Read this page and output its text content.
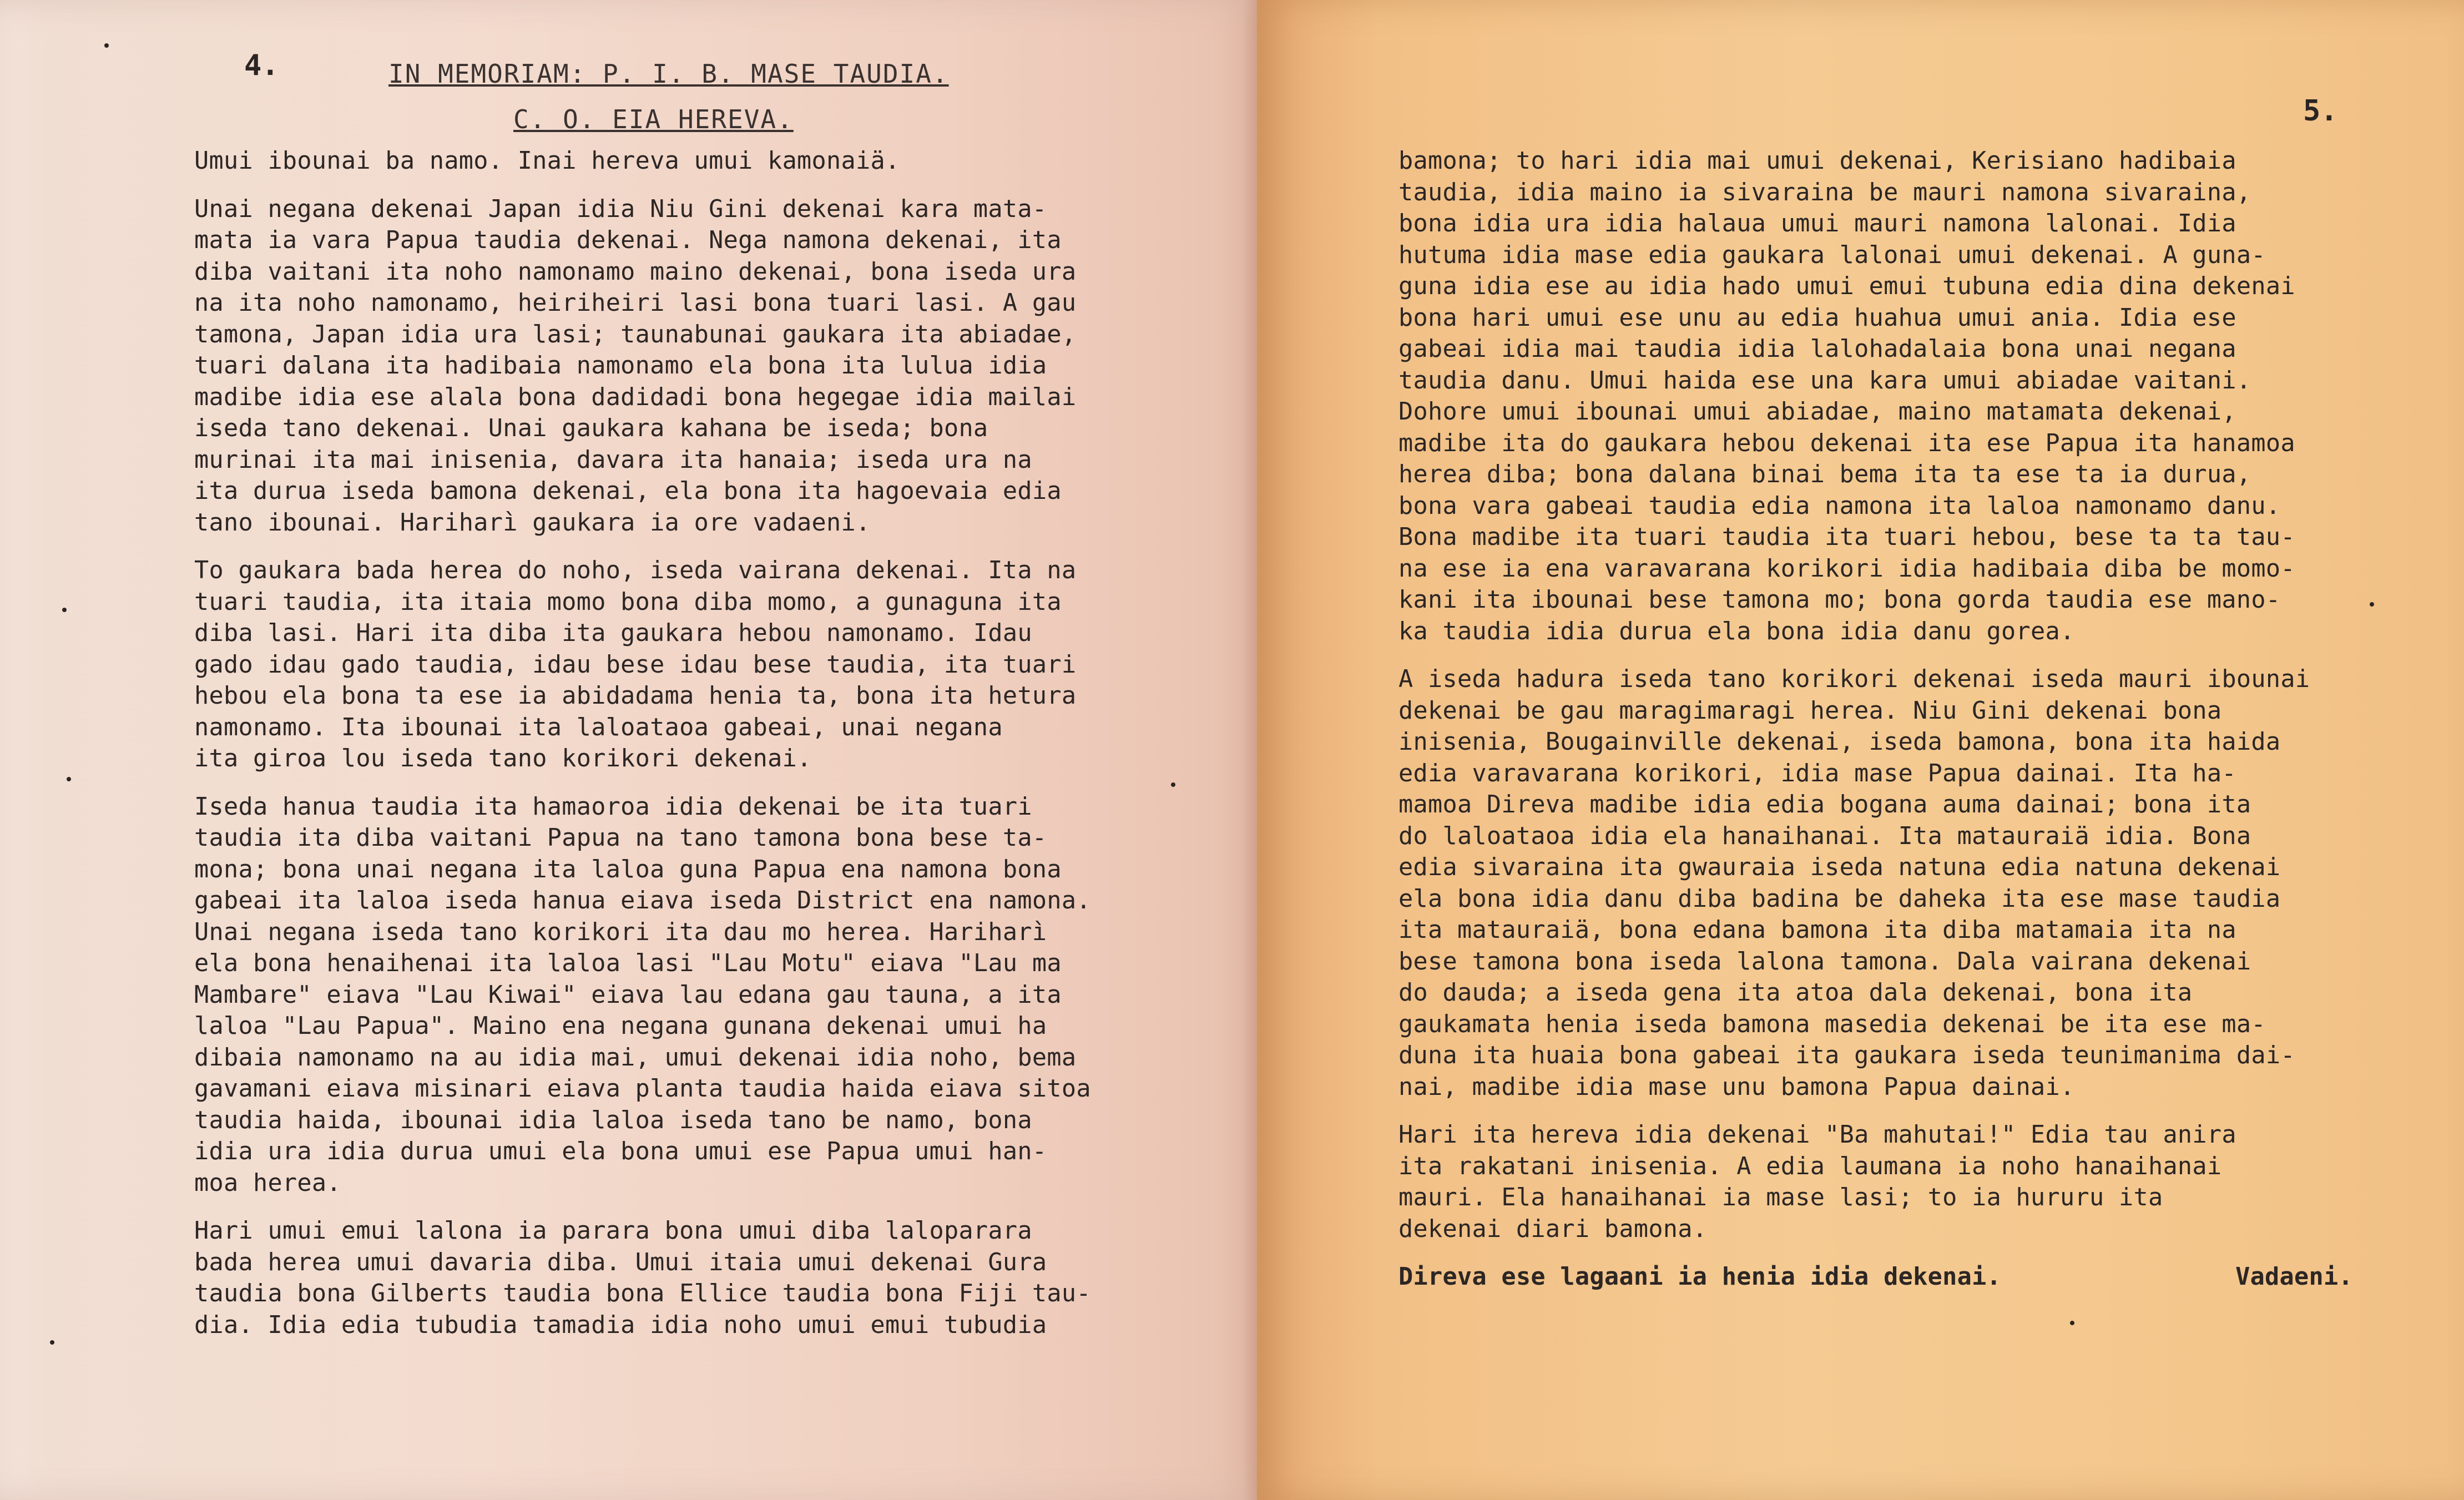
4.	IN MEMORIAM: P. I. B. MASE TAUDIA.
C. O. EIA HEREVA.
Umui ibounai ba namo. Inai hereva umui kamonaiä.
Unai negana dekenai Japan idia Niu Gini dekenai kara mata-
mata ia vara Papua taudia dekenai. Nega namona dekenai, ita
diba vaitani ita noho namonamo maino dekenai, bona iseda ura
na ita noho namonamo, heiriheiri lasi bona tuari lasi. A gau
tamona, Japan idia ura lasi; taunabunai gaukara ita abiadae,
tuari dalana ita hadibaia namonamo ela bona ita lulua idia
madibe idia ese alala bona dadidadi bona hegegae idia mailai
iseda tano dekenai. Unai gaukara kahana be iseda; bona
murinai ita mai inisenia, davara ita hanaia; iseda ura na
ita durua iseda bamona dekenai, ela bona ita hagoevaia edia
tano ibounai. Hariharì gaukara ia ore vadaeni.
To gaukara bada herea do noho, iseda vairana dekenai. Ita na
tuari taudia, ita itaia momo bona diba momo, a gunaguna ita
diba lasi. Hari ita diba ita gaukara hebou namonamo. Idau
gado idau gado taudia, idau bese idau bese taudia, ita tuari
hebou ela bona ta ese ia abidadama henia ta, bona ita hetura
namonamo. Ita ibounai ita laloataoa gabeai, unai negana
ita giroa lou iseda tano korikori dekenai.
Iseda hanua taudia ita hamaoroa idia dekenai be ita tuari
taudia ita diba vaitani Papua na tano tamona bona bese ta-
mona; bona unai negana ita laloa guna Papua ena namona bona
gabeai ita laloa iseda hanua eiava iseda District ena namona.
Unai negana iseda tano korikori ita dau mo herea. Hariharì
ela bona henaihenai ita laloa lasi "Lau Motu" eiava "Lau ma
Mambare" eiava "Lau Kiwai" eiava lau edana gau tauna, a ita
laloa "Lau Papua". Maino ena negana gunana dekenai umui ha
dibaia namonamo na au idia mai, umui dekenai idia noho, bema
gavamani eiava misinari eiava planta taudia haida eiava sitoa
taudia haida, ibounai idia laloa iseda tano be namo, bona
idia ura idia durua umui ela bona umui ese Papua umui han-
moa herea.
Hari umui emui lalona ia parara bona umui diba laloparara
bada herea umui davaria diba. Umui itaia umui dekenai Gura
taudia bona Gilberts taudia bona Ellice taudia bona Fiji tau-
dia. Idia edia tubudia tamadia idia noho umui emui tubudia
5.
bamona; to hari idia mai umui dekenai, Kerisiano hadibaia
taudia, idia maino ia sivaraina be mauri namona sivaraina,
bona idia ura idia halaua umui mauri namona lalonai. Idia
hutuma idia mase edia gaukara lalonai umui dekenai. A guna-
guna idia ese au idia hado umui emui tubuna edia dina dekenai
bona hari umui ese unu au edia huahua umui ania. Idia ese
gabeai idia mai taudia idia lalohadalaia bona unai negana
taudia danu. Umui haida ese una kara umui abiadae vaitani.
Dohore umui ibounai umui abiadae, maino matamata dekenai,
madibe ita do gaukara hebou dekenai ita ese Papua ita hanamoa
herea diba; bona dalana binai bema ita ta ese ta ia durua,
bona vara gabeai taudia edia namona ita laloa namonamo danu.
Bona madibe ita tuari taudia ita tuari hebou, bese ta ta tau-
na ese ia ena varavarana korikori idia hadibaia diba be momo-
kani ita ibounai bese tamona mo; bona gorda taudia ese mano-
ka taudia idia durua ela bona idia danu gorea.
A iseda hadura iseda tano korikori dekenai iseda mauri ibounai
dekenai be gau maragimaragi herea. Niu Gini dekenai bona
inisenia, Bougainville dekenai, iseda bamona, bona ita haida
edia varavarana korikori, idia mase Papua dainai. Ita ha-
mamoa Direva madibe idia edia bogana auma dainai; bona ita
do laloataoa idia ela hanaihanai. Ita matauraiä idia. Bona
edia sivaraina ita gwauraia iseda natuna edia natuna dekenai
ela bona idia danu diba badina be daheka ita ese mase taudia
ita matauraiä, bona edana bamona ita diba matamaia ita na
bese tamona bona iseda lalona tamona. Dala vairana dekenai
do dauda; a iseda gena ita atoa dala dekenai, bona ita
gaukamata henia iseda bamona masedia dekenai be ita ese ma-
duna ita huaia bona gabeai ita gaukara iseda teunimanima dai-
nai, madibe idia mase unu bamona Papua dainai.
Hari ita hereva idia dekenai "Ba mahutai!" Edia tau anira
ita rakatani inisenia. A edia laumana ia noho hanaihanai
mauri. Ela hanaihanai ia mase lasi; to ia hururu ita
dekenai diari bamona.
Direva ese lagaani ia henia idia dekenai.	Vadaeni.
